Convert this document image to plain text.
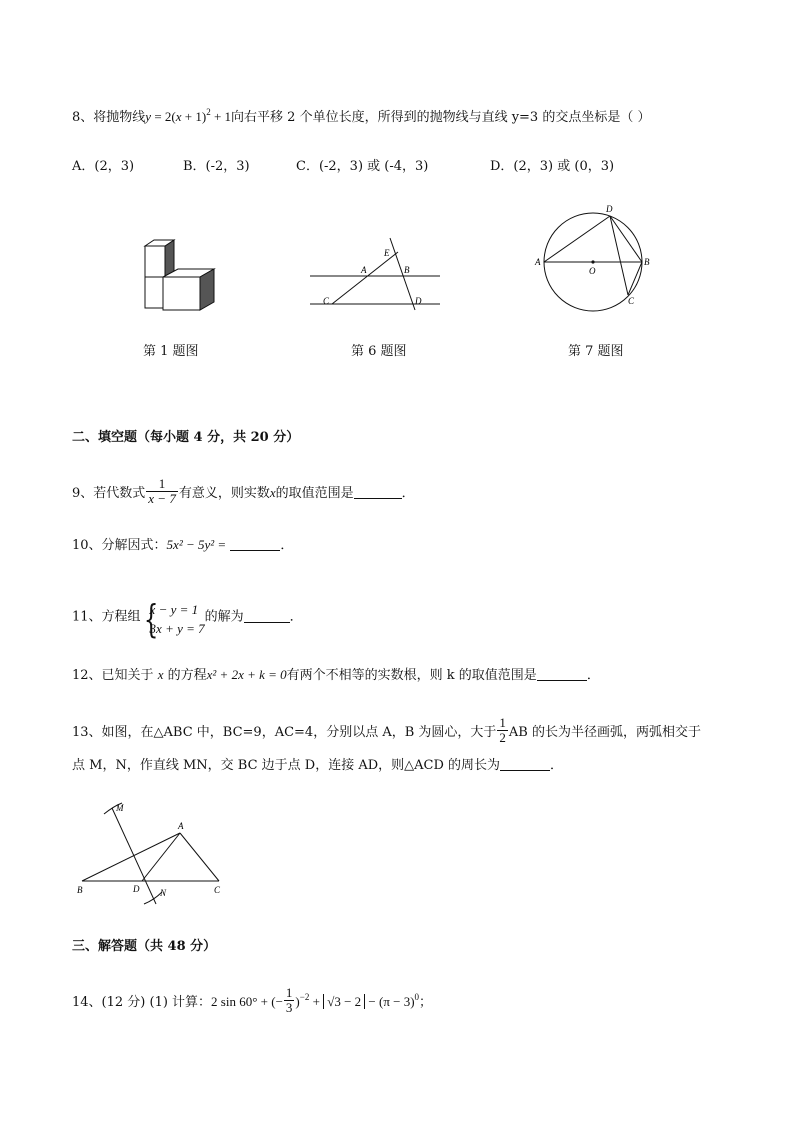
8、将抛物线$y = 2(x + 1)^2 + 1$向右平移 2 个单位长度，所得到的抛物线与直线 y=3 的交点坐标是（ ）
A．(2，3)	B．(-2，3)	C．(-2，3) 或 (-4，3)	D．(2，3) 或 (0，3)
第 1 题图
E
A	B
C	D
第 6 题图
D
A
O
B
C
第 7 题图
二、填空题（每小题 4 分，共 20 分）
9、若代数式 $\frac{1}{x - 7}$ 有意义，则实数x的取值范围是	．
10、分解因式：5x² − 5y² =	．
11、方程组 {
x − y = 1
3x + y = 7
的解为	．
12、已知关于 x 的方程x² + 2x + k = 0有两个不相等的实数根，则 k 的取值范围是	．
13、如图，在△ABC 中，BC=9，AC=4，分别以点 A，B 为圆心，大于 $\frac{1}{2}$ AB 的长为半径画弧，两弧相交于
点 M，N，作直线 MN，交 BC 边于点 D，连接 AD，则△ACD 的周长为	．
M
A
B	D N	C
三、解答题（共 48 分）
14、(12 分) (1) 计算：2 sin 60° + (− $\frac{1}{3} )^{-2} + √3 - 2 - (\pi - 3)^0$；
